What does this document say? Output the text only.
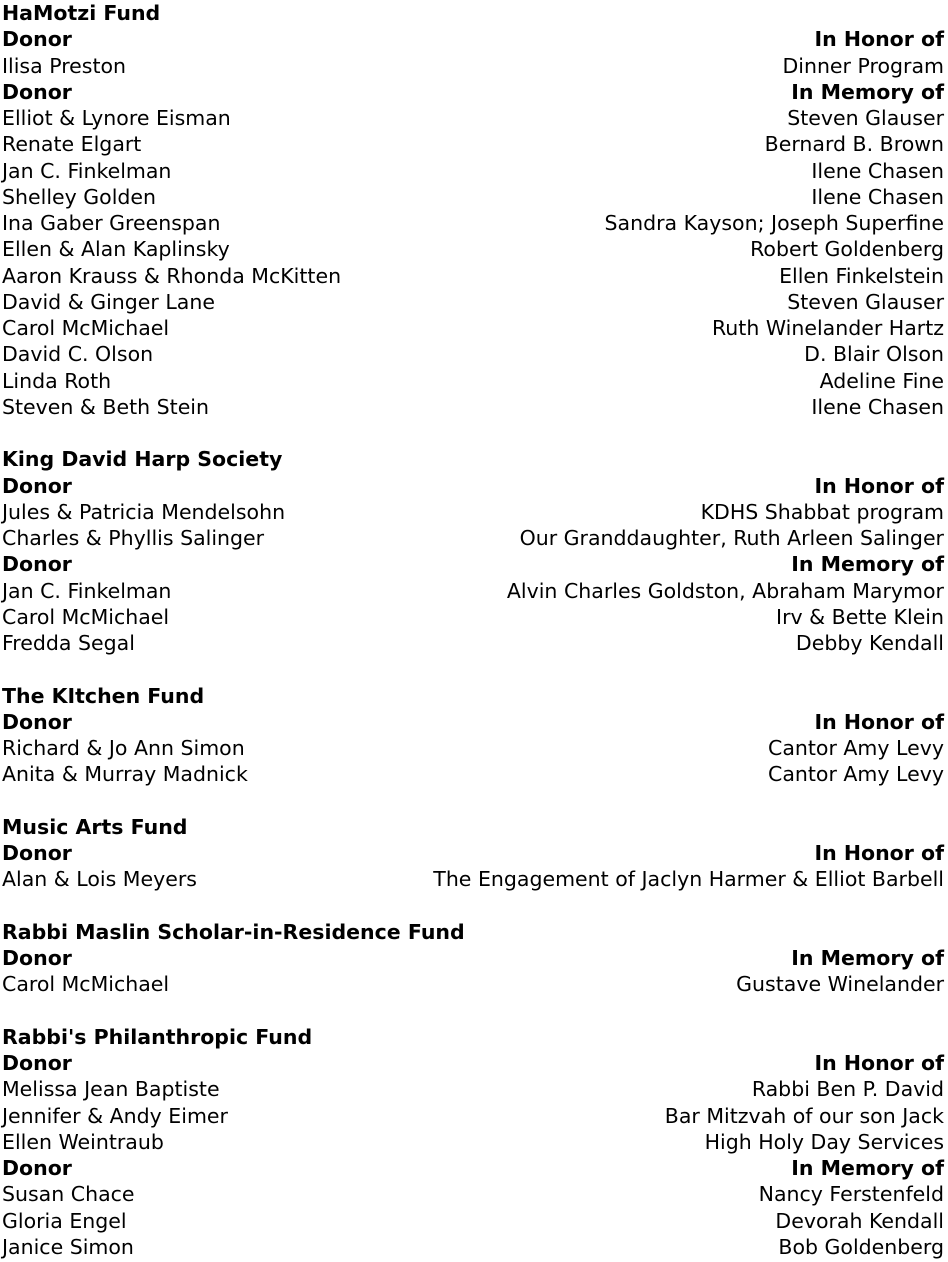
HaMotzi Fund
Donor	In Honor of
Ilisa Preston	Dinner Program
Donor	In Memory of
Elliot & Lynore Eisman	Steven Glauser
Renate Elgart	Bernard B. Brown
Jan C. Finkelman	Ilene Chasen
Shelley Golden	Ilene Chasen
Ina Gaber Greenspan	Sandra Kayson; Joseph Superfine
Ellen & Alan Kaplinsky	Robert Goldenberg
Aaron Krauss & Rhonda McKitten	Ellen Finkelstein
David & Ginger Lane	Steven Glauser
Carol McMichael	Ruth Winelander Hartz
David C. Olson	D. Blair Olson
Linda Roth	Adeline Fine
Steven & Beth Stein	Ilene Chasen
King David Harp Society
Donor	In Honor of
Jules & Patricia Mendelsohn	KDHS Shabbat program
Charles & Phyllis Salinger	Our Granddaughter, Ruth Arleen Salinger
Donor	In Memory of
Jan C. Finkelman	Alvin Charles Goldston, Abraham Marymor
Carol McMichael	Irv & Bette Klein
Fredda Segal	Debby Kendall
The KItchen Fund
Donor	In Honor of
Richard & Jo Ann Simon	Cantor Amy Levy
Anita & Murray Madnick	Cantor Amy Levy
Music Arts Fund
Donor	In Honor of
Alan & Lois Meyers	The Engagement of Jaclyn Harmer & Elliot Barbell
Rabbi Maslin Scholar-in-Residence Fund
Donor	In Memory of
Carol McMichael	Gustave Winelander
Rabbi's Philanthropic Fund
Donor	In Honor of
Melissa Jean Baptiste	Rabbi Ben P. David
Jennifer & Andy Eimer	Bar Mitzvah of our son Jack
Ellen Weintraub	High Holy Day Services
Donor	In Memory of
Susan Chace	Nancy Ferstenfeld
Gloria Engel	Devorah Kendall
Janice Simon	Bob Goldenberg
